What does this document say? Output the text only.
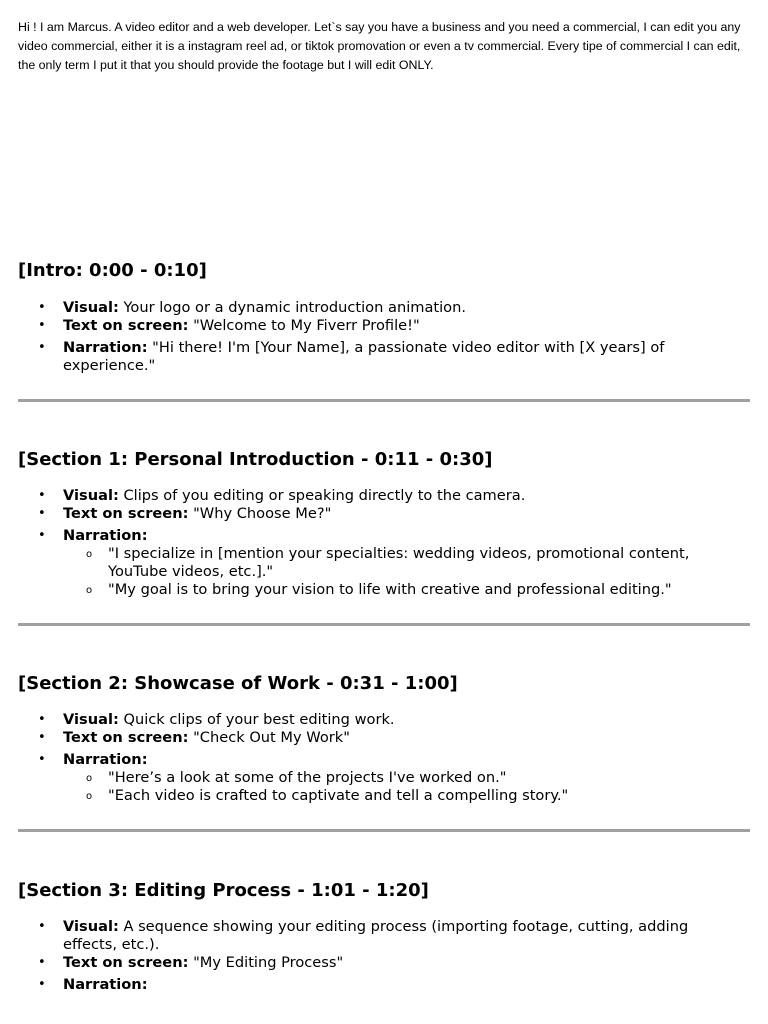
Hi ! I am Marcus. A video editor and a web developer. Let`s say you have a business and you need a commercial, I can edit you any video commercial, either it is a instagram reel ad, or tiktok promovation or even a tv commercial. Every tipe of commercial I can edit, the only term I put it that you should provide the footage but I will edit ONLY.

[Intro: 0:00 - 0:10]
• Visual: Your logo or a dynamic introduction animation.
• Text on screen: "Welcome to My Fiverr Profile!"
• Narration: "Hi there! I'm [Your Name], a passionate video editor with [X years] of experience."
[Section 1: Personal Introduction - 0:11 - 0:30]
• Visual: Clips of you editing or speaking directly to the camera.
• Text on screen: "Why Choose Me?"
• Narration:
o "I specialize in [mention your specialties: wedding videos, promotional content, YouTube videos, etc.]."
o "My goal is to bring your vision to life with creative and professional editing."
[Section 2: Showcase of Work - 0:31 - 1:00]
• Visual: Quick clips of your best editing work.
• Text on screen: "Check Out My Work"
• Narration:
o "Here’s a look at some of the projects I've worked on."
o "Each video is crafted to captivate and tell a compelling story."
[Section 3: Editing Process - 1:01 - 1:20]
• Visual: A sequence showing your editing process (importing footage, cutting, adding effects, etc.).
• Text on screen: "My Editing Process"
• Narration:
